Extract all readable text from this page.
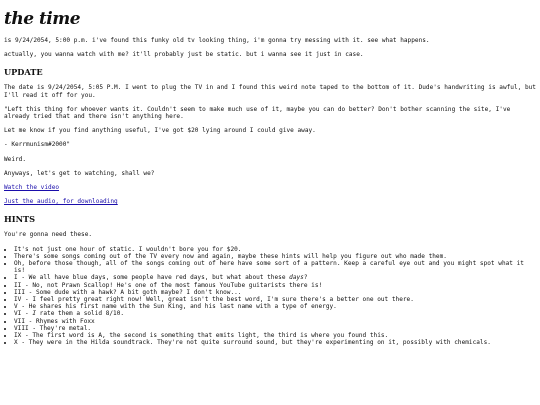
the time

is 9/24/2054, 5:00 p.m. i've found this funky old tv looking thing, i'm gonna try messing with it. see what happens.

actually, you wanna watch with me? it'll probably just be static. but i wanna see it just in case.

UPDATE

The date is 9/24/2054, 5:05 P.M. I went to plug the TV in and I found this weird note taped to the bottom of it. Dude's handwriting is awful, but I'll read it off for you.

"Left this thing for whoever wants it. Couldn't seem to make much use of it, maybe you can do better? Don't bother scanning the site, I've already tried that and there isn't anything here.

Let me know if you find anything useful, I've got $20 lying around I could give away.

- Kerrmunism#2000"

Weird.

Anyways, let's get to watching, shall we?

Watch the video

Just the audio, for downloading

HINTS

You're gonna need these.

• It's not just one hour of static. I wouldn't bore you for $20.
• There's some songs coming out of the TV every now and again, maybe these hints will help you figure out who made them.
• Oh, before those though, all of the songs coming out of here have some sort of a pattern. Keep a careful eye out and you might spot what it is!
• I - We all have blue days, some people have red days, but what about these days?
• II - No, not Prawn Scallop! He's one of the most famous YouTube guitarists there is!
• III - Some dude with a hawk? A bit goth maybe? I don't know...
• IV - I feel pretty great right now! Well, great isn't the best word, I'm sure there's a better one out there.
• V - He shares his first name with the Sun King, and his last name with a type of energy.
• VI - I rate them a solid 8/10.
• VII - Rhymes with Foxx
• VIII - They're metal.
• IX - The first word is A, the second is something that emits light, the third is where you found this.
• X - They were in the Hilda soundtrack. They're not quite surround sound, but they're experimenting on it, possibly with chemicals.
